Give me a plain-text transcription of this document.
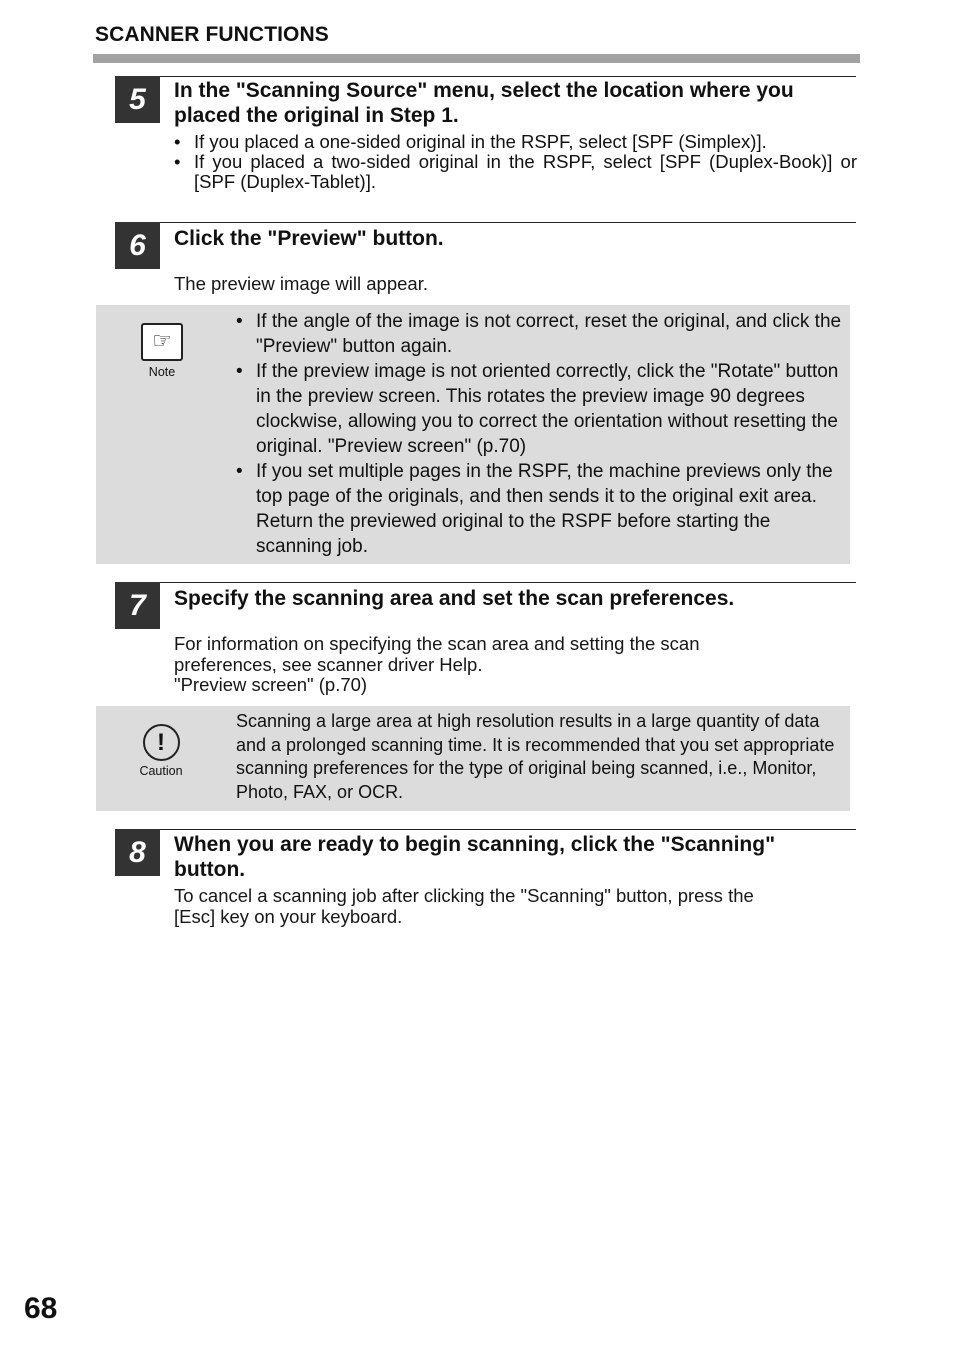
SCANNER FUNCTIONS
5	In the "Scanning Source" menu, select the location where you placed the original in Step 1.
• If you placed a one-sided original in the RSPF, select [SPF (Simplex)].
• If you placed a two-sided original in the RSPF, select [SPF (Duplex-Book)] or [SPF (Duplex-Tablet)].
6	Click the "Preview" button.
The preview image will appear.
☞
Note
• If the angle of the image is not correct, reset the original, and click the "Preview" button again.
• If the preview image is not oriented correctly, click the "Rotate" button in the preview screen. This rotates the preview image 90 degrees clockwise, allowing you to correct the orientation without resetting the original. "Preview screen" (p.70)
• If you set multiple pages in the RSPF, the machine previews only the top page of the originals, and then sends it to the original exit area. Return the previewed original to the RSPF before starting the scanning job.
7	Specify the scanning area and set the scan preferences.
For information on specifying the scan area and setting the scan
preferences, see scanner driver Help.
"Preview screen" (p.70)
!
Caution
Scanning a large area at high resolution results in a large quantity of data and a prolonged scanning time. It is recommended that you set appropriate scanning preferences for the type of original being scanned, i.e., Monitor, Photo, FAX, or OCR.
8	When you are ready to begin scanning, click the "Scanning" button.
To cancel a scanning job after clicking the "Scanning" button, press the
[Esc] key on your keyboard.
68
